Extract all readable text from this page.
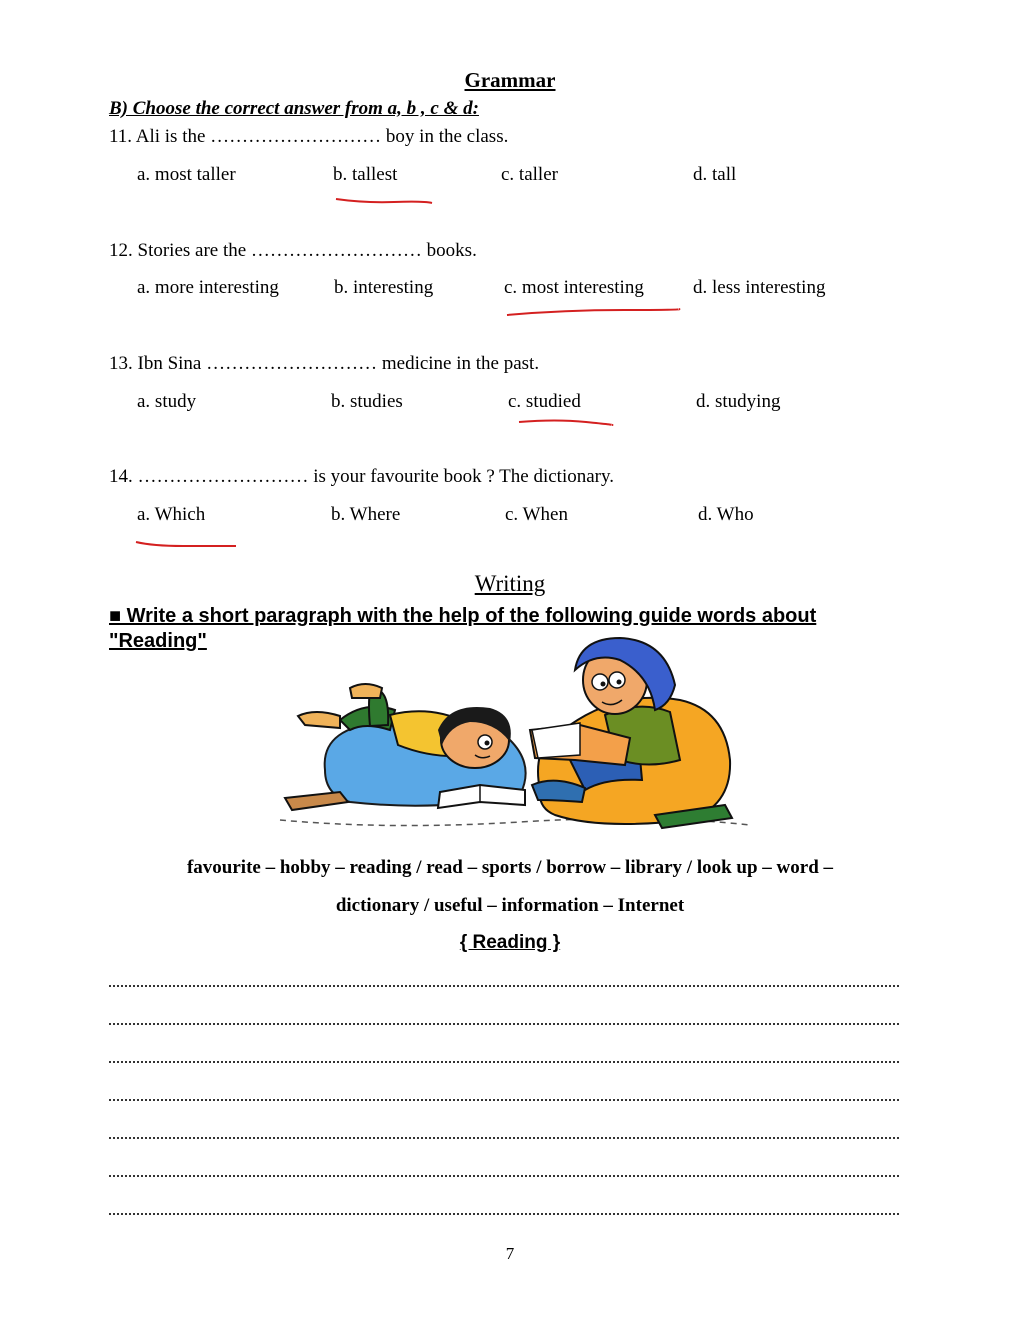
Grammar
B) Choose the correct answer from a, b , c & d:
11. Ali is the ……………………… boy in the class.
a. most taller	b. tallest	c. taller	d. tall
12. Stories are the ……………………… books.
a. more interesting	b. interesting	c. most interesting	d. less interesting
13. Ibn Sina ……………………… medicine in the past.
a. study	b. studies	c. studied	d. studying
14. ……………………… is your favourite book ? The dictionary.
a. Which	b. Where	c. When	d. Who
Writing
■ Write a short paragraph with the help of the following guide words about "Reading"
favourite – hobby – reading / read – sports / borrow – library / look up – word –
dictionary / useful – information – Internet
{ Reading }
7
